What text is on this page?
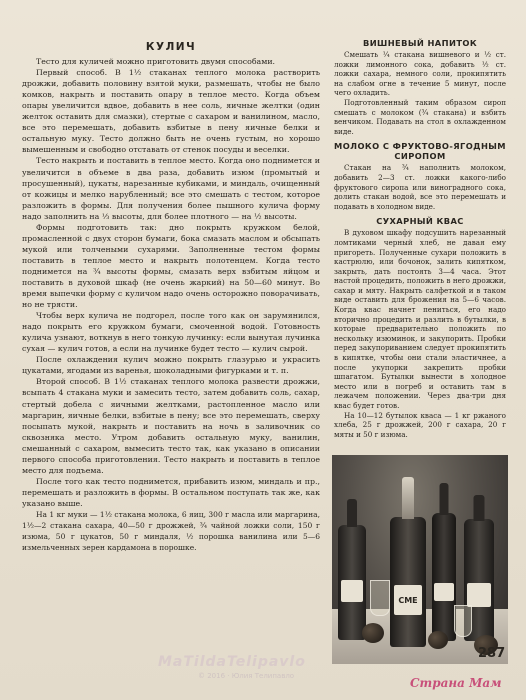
КУЛИЧ

Тесто для куличей можно приготовить двумя способами.

Первый способ. В 1½ стаканах теплого молока растворить дрожжи, добавить половину взятой муки, размешать, чтобы не было комков, накрыть и поставить опару в теплое место. Когда объем опары увеличится вдвое, добавить в нее соль, яичные желтки (один желток оставить для смазки), стертые с сахаром и ванилином, масло, все это перемешать, добавить взбитые в пену яичные белки и остальную муку. Тесто должно быть не очень густым, но хорошо вымешенным и свободно отставать от стенок посуды и веселки.

Тесто накрыть и поставить в теплое место. Когда оно поднимется и увеличится в объеме в два раза, добавить изюм (промытый и просушенный), цукаты, нарезанные кубиками, и миндаль, очищенный от кожицы и мелко нарубленный; все это смешать с тестом, которое разложить в формы. Для получения более пышного кулича форму надо заполнить на ⅓ высоты, для более плотного — на ½ высоты.

Формы подготовить так: дно покрыть кружком белой, промасленной с двух сторон бумаги, бока смазать маслом и обсыпать мукой или толчеными сухарями. Заполненные тестом формы поставить в теплое место и накрыть полотенцем. Когда тесто поднимется на ¾ высоты формы, смазать верх взбитым яйцом и поставить в духовой шкаф (не очень жаркий) на 50—60 минут. Во время выпечки форму с куличом надо очень осторожно поворачивать, но не трясти.

Чтобы верх кулича не подгорел, после того как он зарумянился, надо покрыть его кружком бумаги, смоченной водой. Готовность кулича узнают, воткнув в него тонкую лучинку: если вынутая лучинка сухая — кулич готов, а если на лучинке будет тесто — кулич сырой.

После охлаждения кулич можно покрыть глазурью и украсить цукатами, ягодами из варенья, шоколадными фигурками и т. п.

Второй способ. В 1½ стаканах теплого молока развести дрожжи, всыпать 4 стакана муки и замесить тесто, затем добавить соль, сахар, стертый добела с яичными желтками, растопленное масло или маргарин, яичные белки, взбитые в пену; все это перемешать, сверху посыпать мукой, накрыть и поставить на ночь в заливочник со сквозняка место. Утром добавить остальную муку, ванилин, смешанный с сахаром, вымесить тесто так, как указано в описании первого способа приготовления. Тесто накрыть и поставить в теплое место для подъема.

После того как тесто поднимется, прибавить изюм, миндаль и пр., перемешать и разложить в формы. В остальном поступать так же, как указано выше.

На 1 кг муки — 1½ стакана молока, 6 яиц, 300 г масла или маргарина, 1½—2 стакана сахара, 40—50 г дрожжей, ¾ чайной ложки соли, 150 г изюма, 50 г цукатов, 50 г миндаля, ½ порошка ванилина или 5—6 измельченных зерен кардамона в порошке.

ВИШНЕВЫЙ НАПИТОК

Смешать ¼ стакана вишневого и ½ ст. ложки лимонного сока, добавить ½ ст. ложки сахара, немного соли, прокипятить на слабом огне в течение 5 минут, после чего охладить.

Подготовленный таким образом сироп смешать с молоком (¾ стакана) и взбить венчиком. Подавать на стол в охлажденном виде.

МОЛОКО С ФРУКТОВО-ЯГОДНЫМ СИРОПОМ

Стакан на ¾ наполнить молоком, добавить 2—3 ст. ложки какого-либо фруктового сиропа или виноградного сока, долить стакан водой, все это перемешать и подавать в холодном виде.

СУХАРНЫЙ КВАС

В духовом шкафу подсушить нарезанный ломтиками черный хлеб, не давая ему пригореть. Полученные сухари положить в кастрюлю, или бочонок, залить кипятком, закрыть, дать постоять 3—4 часа. Этот настой процедить, положить в него дрожжи, сахар и мяту. Накрыть салфеткой и в таком виде оставить для брожения на 5—6 часов. Когда квас начнет пениться, его надо вторично процедить и разлить в бутылки, в которые предварительно положить по нескольку изюминок, и закупорить. Пробки перед закупориванием следует прокипятить в кипятке, чтобы они стали эластичнее, а после укупорки закрепить пробки шпагатом. Бутылки вынести в холодное место или в погреб и оставить там в лежачем положении. Через два-три дня квас будет готов.

На 10—12 бутылок кваса — 1 кг ржаного хлеба, 25 г дрожжей, 200 г сахара, 20 г мяты и 50 г изюма.

СМЕ
MaTildaTelipavlo
© 2016 · Юлия Телипавло
287
Страна Мам
